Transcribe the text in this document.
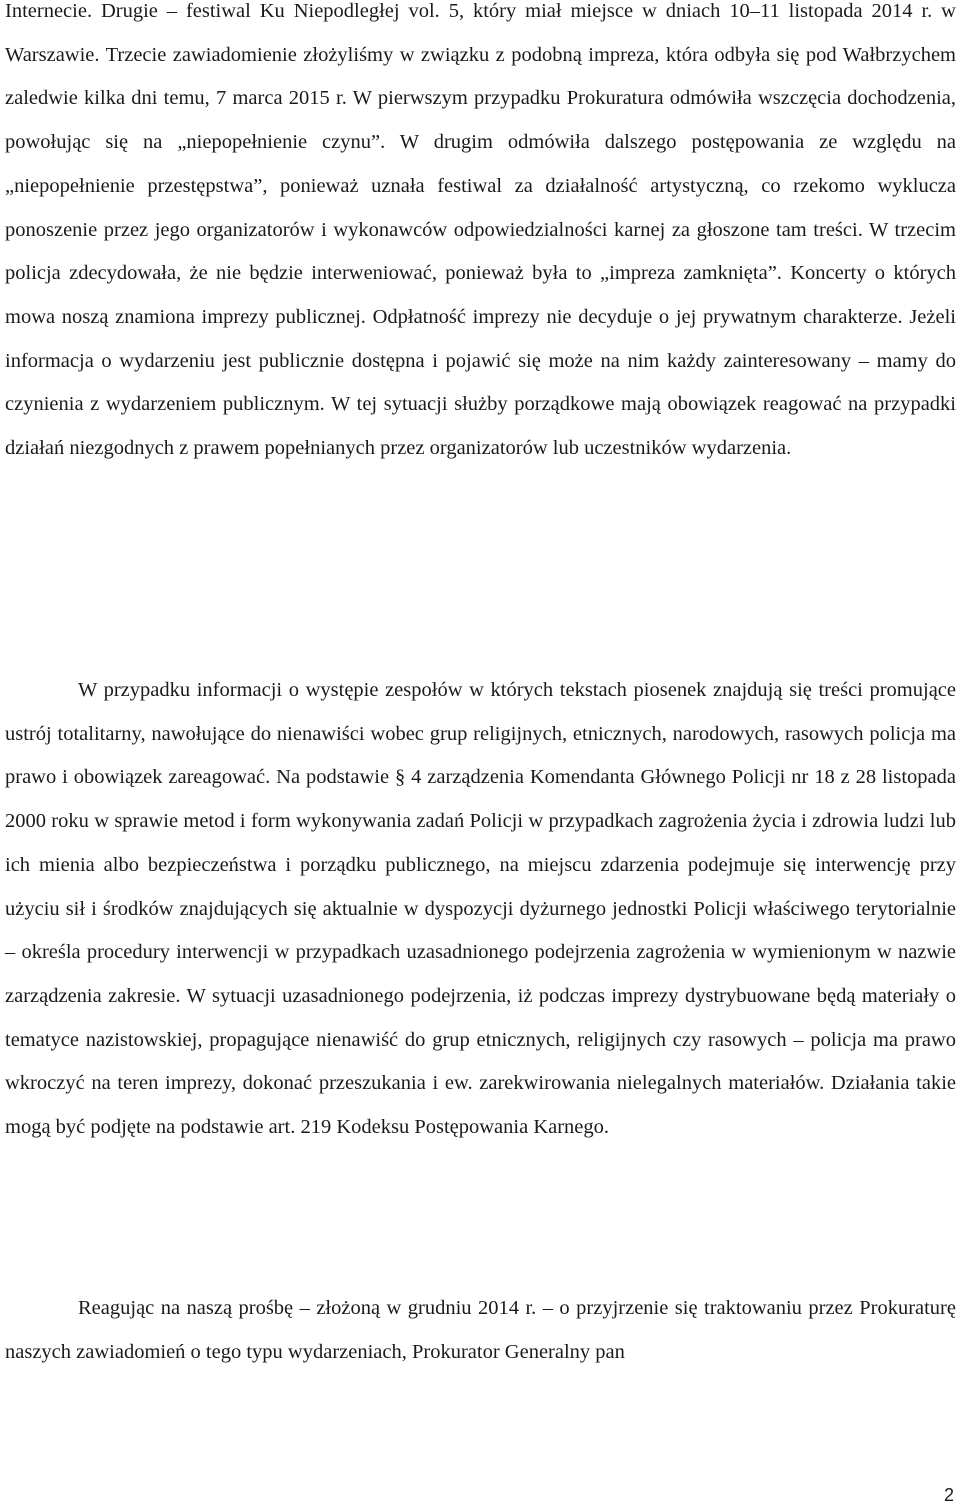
Internecie. Drugie – festiwal Ku Niepodległej vol. 5, który miał miejsce w dniach 10–11 listopada 2014 r. w Warszawie. Trzecie zawiadomienie złożyliśmy w związku z podobną impreza, która odbyła się pod Wałbrzychem zaledwie kilka dni temu, 7 marca 2015 r. W pierwszym przypadku Prokuratura odmówiła wszczęcia dochodzenia, powołując się na „niepopełnienie czynu”. W drugim odmówiła dalszego postępowania ze względu na „niepopełnienie przestępstwa”, ponieważ uznała festiwal za działalność artystyczną, co rzekomo wyklucza ponoszenie przez jego organizatorów i wykonawców odpowiedzialności karnej za głoszone tam treści. W trzecim policja zdecydowała, że nie będzie interweniować, ponieważ była to „impreza zamknięta”. Koncerty o których mowa noszą znamiona imprezy publicznej. Odpłatność imprezy nie decyduje o jej prywatnym charakterze. Jeżeli informacja o wydarzeniu jest publicznie dostępna i pojawić się może na nim każdy zainteresowany – mamy do czynienia z wydarzeniem publicznym. W tej sytuacji służby porządkowe mają obowiązek reagować na przypadki działań niezgodnych z prawem popełnianych przez organizatorów lub uczestników wydarzenia.

W przypadku informacji o występie zespołów w których tekstach piosenek znajdują się treści promujące ustrój totalitarny, nawołujące do nienawiści wobec grup religijnych, etnicznych, narodowych, rasowych policja ma prawo i obowiązek zareagować. Na podstawie § 4 zarządzenia Komendanta Głównego Policji nr 18 z 28 listopada 2000 roku w sprawie metod i form wykonywania zadań Policji w przypadkach zagrożenia życia i zdrowia ludzi lub ich mienia albo bezpieczeństwa i porządku publicznego, na miejscu zdarzenia podejmuje się interwencję przy użyciu sił i środków znajdujących się aktualnie w dyspozycji dyżurnego jednostki Policji właściwego terytorialnie – określa procedury interwencji w przypadkach uzasadnionego podejrzenia zagrożenia w wymienionym w nazwie zarządzenia zakresie. W sytuacji uzasadnionego podejrzenia, iż podczas imprezy dystrybuowane będą materiały o tematyce nazistowskiej, propagujące nienawiść do grup etnicznych, religijnych czy rasowych – policja ma prawo wkroczyć na teren imprezy, dokonać przeszukania i ew. zarekwirowania nielegalnych materiałów. Działania takie mogą być podjęte na podstawie art. 219 Kodeksu Postępowania Karnego.

Reagując na naszą prośbę – złożoną w grudniu 2014 r. – o przyjrzenie się traktowaniu przez Prokuraturę naszych zawiadomień o tego typu wydarzeniach, Prokurator Generalny pan

2
